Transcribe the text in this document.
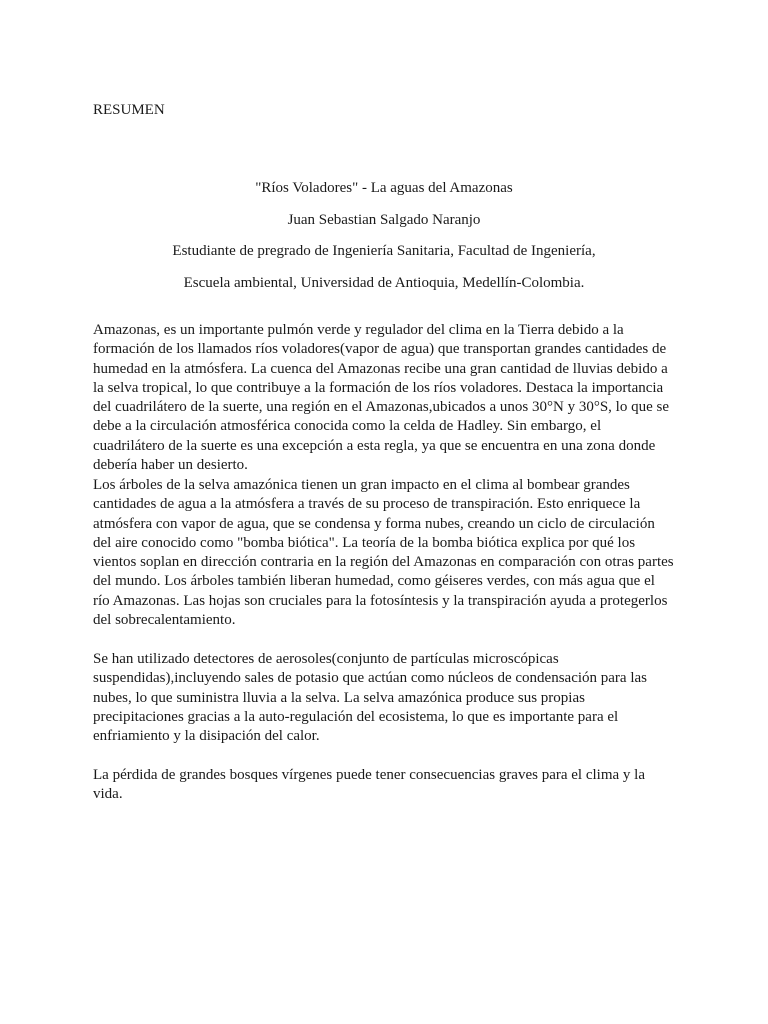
RESUMEN

"Ríos Voladores" - La aguas del Amazonas

Juan Sebastian Salgado Naranjo

Estudiante de pregrado de Ingeniería Sanitaria, Facultad de Ingeniería,

Escuela ambiental, Universidad de Antioquia, Medellín-Colombia.

Amazonas, es un importante pulmón verde y regulador del clima en la Tierra debido a la formación de los llamados ríos voladores(vapor de agua) que transportan grandes cantidades de humedad en la atmósfera. La cuenca del Amazonas recibe una gran cantidad de lluvias debido a la selva tropical, lo que contribuye a la formación de los ríos voladores. Destaca la importancia del cuadrilátero de la suerte, una región en el Amazonas,ubicados a unos 30°N y 30°S, lo que se debe a la circulación atmosférica conocida como la celda de Hadley. Sin embargo, el cuadrilátero de la suerte es una excepción a esta regla, ya que se encuentra en una zona donde debería haber un desierto.

Los árboles de la selva amazónica tienen un gran impacto en el clima al bombear grandes cantidades de agua a la atmósfera a través de su proceso de transpiración. Esto enriquece la atmósfera con vapor de agua, que se condensa y forma nubes, creando un ciclo de circulación del aire conocido como "bomba biótica". La teoría de la bomba biótica explica por qué los vientos soplan en dirección contraria en la región del Amazonas en comparación con otras partes del mundo. Los árboles también liberan humedad, como géiseres verdes, con más agua que el río Amazonas. Las hojas son cruciales para la fotosíntesis y la transpiración ayuda a protegerlos del sobrecalentamiento.

Se han utilizado detectores de aerosoles(conjunto de partículas microscópicas suspendidas),incluyendo sales de potasio que actúan como núcleos de condensación para las nubes, lo que suministra lluvia a la selva. La selva amazónica produce sus propias precipitaciones gracias a la auto-regulación del ecosistema, lo que es importante para el enfriamiento y la disipación del calor.

La pérdida de grandes bosques vírgenes puede tener consecuencias graves para el clima y la vida.
